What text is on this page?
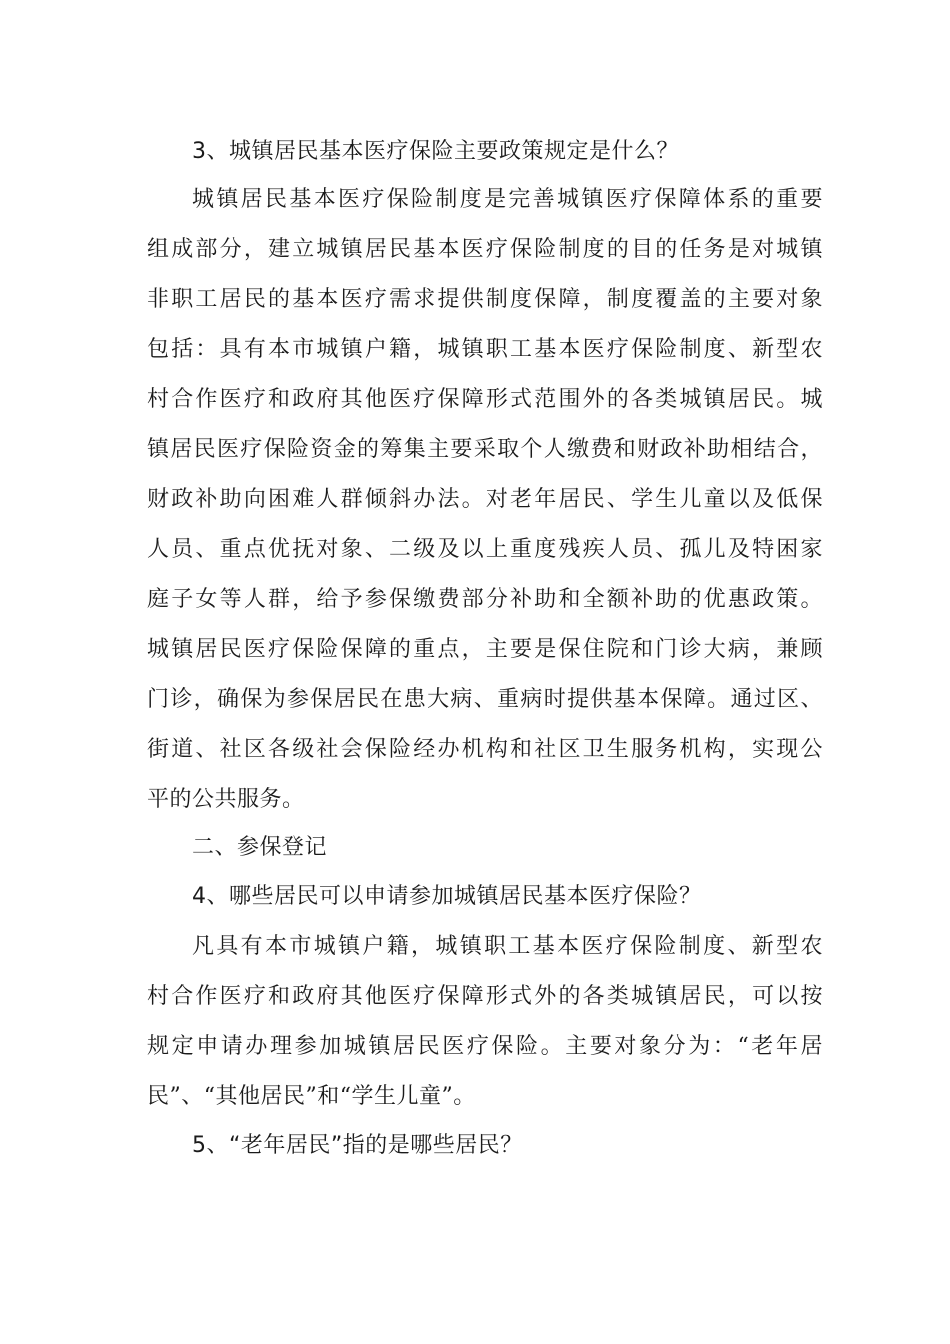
3、城镇居民基本医疗保险主要政策规定是什么？
城镇居民基本医疗保险制度是完善城镇医疗保障体系的重要
组成部分，建立城镇居民基本医疗保险制度的目的任务是对城镇
非职工居民的基本医疗需求提供制度保障，制度覆盖的主要对象
包括：具有本市城镇户籍，城镇职工基本医疗保险制度、新型农
村合作医疗和政府其他医疗保障形式范围外的各类城镇居民。城
镇居民医疗保险资金的筹集主要采取个人缴费和财政补助相结合，
财政补助向困难人群倾斜办法。对老年居民、学生儿童以及低保
人员、重点优抚对象、二级及以上重度残疾人员、孤儿及特困家
庭子女等人群，给予参保缴费部分补助和全额补助的优惠政策。
城镇居民医疗保险保障的重点，主要是保住院和门诊大病，兼顾
门诊，确保为参保居民在患大病、重病时提供基本保障。通过区、
街道、社区各级社会保险经办机构和社区卫生服务机构，实现公
平的公共服务。
二、参保登记
4、哪些居民可以申请参加城镇居民基本医疗保险？
凡具有本市城镇户籍，城镇职工基本医疗保险制度、新型农
村合作医疗和政府其他医疗保障形式外的各类城镇居民，可以按
规定申请办理参加城镇居民医疗保险。主要对象分为：“老年居
民”、“其他居民”和“学生儿童”。
5、“老年居民”指的是哪些居民？
